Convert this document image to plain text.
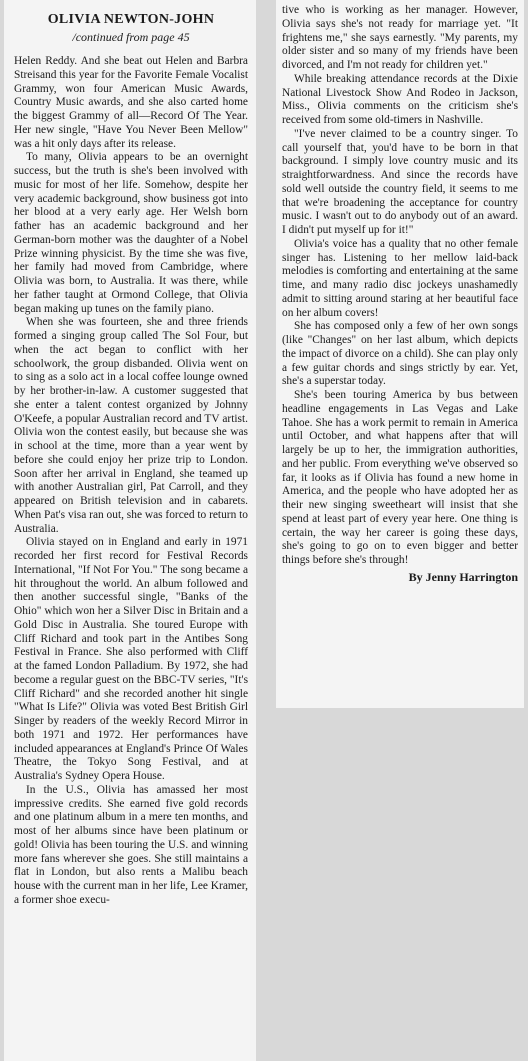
OLIVIA NEWTON-JOHN
/continued from page 45

Helen Reddy. And she beat out Helen and Barbra Streisand this year for the Favorite Female Vocalist Grammy, won four American Music Awards, Country Music awards, and she also carted home the biggest Grammy of all—Record Of The Year. Her new single, "Have You Never Been Mellow" was a hit only days after its release.

To many, Olivia appears to be an overnight success, but the truth is she's been involved with music for most of her life. Somehow, despite her very academic background, show business got into her blood at a very early age. Her Welsh born father has an academic background and her German-born mother was the daughter of a Nobel Prize winning physicist. By the time she was five, her family had moved from Cambridge, where Olivia was born, to Australia. It was there, while her father taught at Ormond College, that Olivia began making up tunes on the family piano.

When she was fourteen, she and three friends formed a singing group called The Sol Four, but when the act began to conflict with her schoolwork, the group disbanded. Olivia went on to sing as a solo act in a local coffee lounge owned by her brother-in-law. A customer suggested that she enter a talent contest organized by Johnny O'Keefe, a popular Australian record and TV artist. Olivia won the contest easily, but because she was in school at the time, more than a year went by before she could enjoy her prize trip to London. Soon after her arrival in England, she teamed up with another Australian girl, Pat Carroll, and they appeared on British television and in cabarets. When Pat's visa ran out, she was forced to return to Australia.

Olivia stayed on in England and early in 1971 recorded her first record for Festival Records International, "If Not For You." The song became a hit throughout the world. An album followed and then another successful single, "Banks of the Ohio" which won her a Silver Disc in Britain and a Gold Disc in Australia. She toured Europe with Cliff Richard and took part in the Antibes Song Festival in France. She also performed with Cliff at the famed London Palladium. By 1972, she had become a regular guest on the BBC-TV series, "It's Cliff Richard" and she recorded another hit single "What Is Life?" Olivia was voted Best British Girl Singer by readers of the weekly Record Mirror in both 1971 and 1972. Her performances have included appearances at England's Prince Of Wales Theatre, the Tokyo Song Festival, and at Australia's Sydney Opera House.

In the U.S., Olivia has amassed her most impressive credits. She earned five gold records and one platinum album in a mere ten months, and most of her albums since have been platinum or gold! Olivia has been touring the U.S. and winning more fans wherever she goes. She still maintains a flat in London, but also rents a Malibu beach house with the current man in her life, Lee Kramer, a former shoe execu-

tive who is working as her manager. However, Olivia says she's not ready for marriage yet. "It frightens me," she says earnestly. "My parents, my older sister and so many of my friends have been divorced, and I'm not ready for children yet."

While breaking attendance records at the Dixie National Livestock Show And Rodeo in Jackson, Miss., Olivia comments on the criticism she's received from some old-timers in Nashville.

"I've never claimed to be a country singer. To call yourself that, you'd have to be born in that background. I simply love country music and its straightforwardness. And since the records have sold well outside the country field, it seems to me that we're broadening the acceptance for country music. I wasn't out to do anybody out of an award. I didn't put myself up for it!"

Olivia's voice has a quality that no other female singer has. Listening to her mellow laid-back melodies is comforting and entertaining at the same time, and many radio disc jockeys unashamedly admit to sitting around staring at her beautiful face on her album covers!

She has composed only a few of her own songs (like "Changes" on her last album, which depicts the impact of divorce on a child). She can play only a few guitar chords and sings strictly by ear. Yet, she's a superstar today.

She's been touring America by bus between headline engagements in Las Vegas and Lake Tahoe. She has a work permit to remain in America until October, and what happens after that will largely be up to her, the immigration authorities, and her public. From everything we've observed so far, it looks as if Olivia has found a new home in America, and the people who have adopted her as their new singing sweetheart will insist that she spend at least part of every year here. One thing is certain, the way her career is going these days, she's going to go on to even bigger and better things before she's through!

By Jenny Harrington
